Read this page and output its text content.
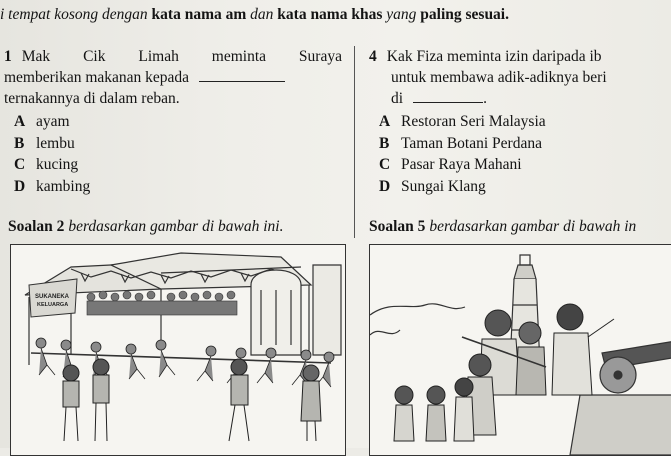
i tempat kosong dengan kata nama am dan kata nama khas yang paling sesuai.
1 Mak Cik Limah meminta Suraya
memberikan makanan kepada
ternakannya di dalam reban.
A ayam
B lembu
C kucing
D kambing
4 Kak Fiza meminta izin daripada ib
untuk membawa adik-adiknya beri
di	.
A Restoran Seri Malaysia
B Taman Botani Perdana
C Pasar Raya Mahani
D Sungai Klang
Soalan 2 berdasarkan gambar di bawah ini.	Soalan 5 berdasarkan gambar di bawah in
SUKANEKA
KELUARGA
